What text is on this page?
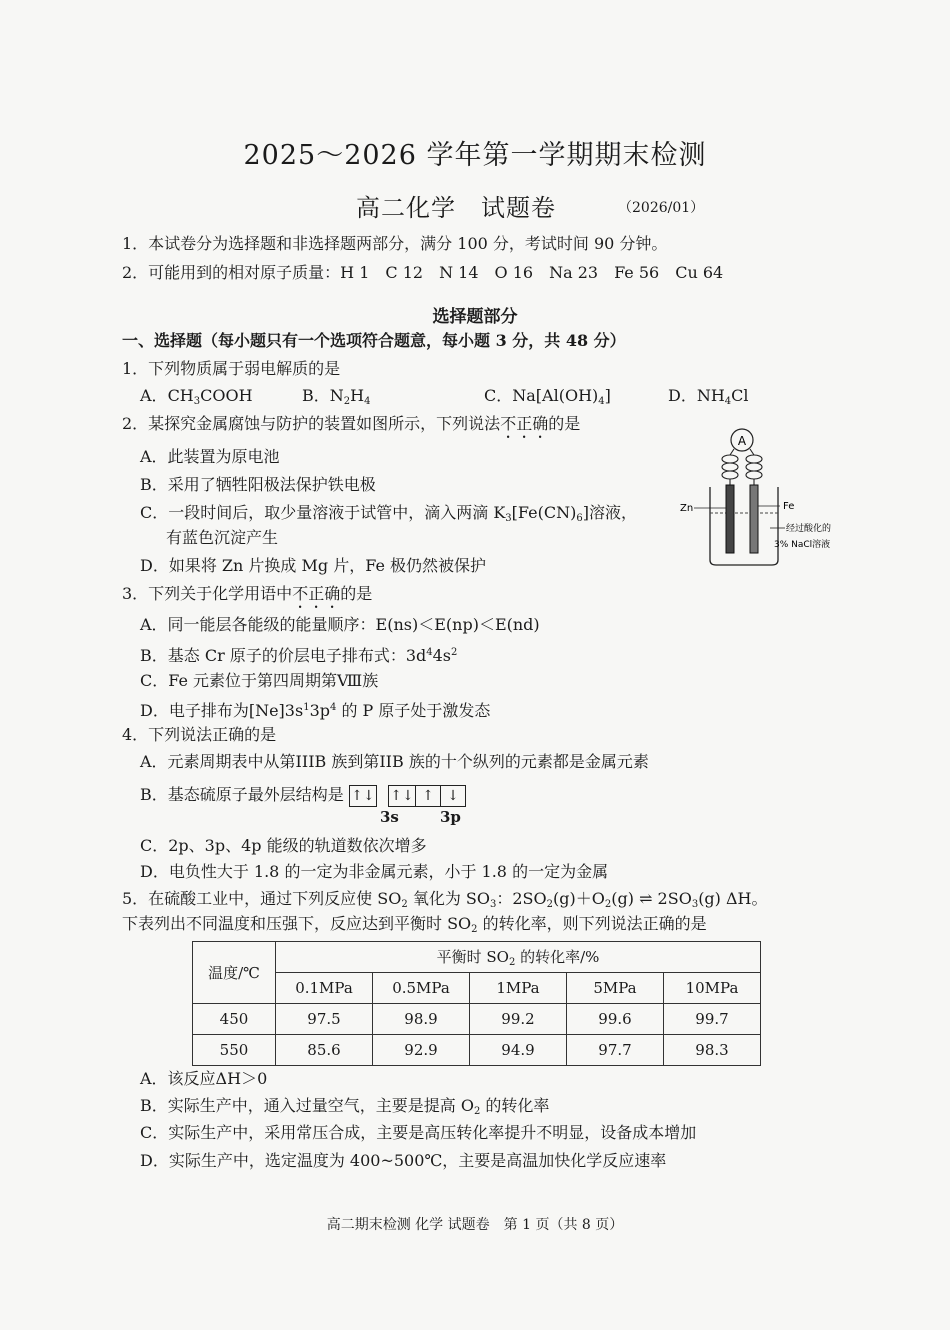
2025～2026 学年第一学期期末检测
高二化学　试题卷	（2026/01）
1．本试卷分为选择题和非选择题两部分，满分 100 分，考试时间 90 分钟。
2．可能用到的相对原子质量：H 1　C 12　N 14　O 16　Na 23　Fe 56　Cu 64
选择题部分
一、选择题（每小题只有一个选项符合题意，每小题 3 分，共 48 分）
1．下列物质属于弱电解质的是
A．$CH_3COOH$	B．$N_2H_4$	C．$Na[Al(OH)_4]$	D．$NH_4Cl$
2．某探究金属腐蚀与防护的装置如图所示，下列说法不正确的是
A．此装置为原电池
B．采用了牺牲阳极法保护铁电极
C．一段时间后，取少量溶液于试管中，滴入两滴 $K_3[Fe(CN)_6]$溶液，
有蓝色沉淀产生
D．如果将 Zn 片换成 Mg 片，Fe 极仍然被保护
A
Zn	Fe
经过酸化的
3% NaCl溶液
3．下列关于化学用语中不正确的是
A．同一能层各能级的能量顺序：E(ns)＜E(np)＜E(nd)
B．基态 Cr 原子的价层电子排布式：$3d^44s^2$
C．Fe 元素位于第四周期第Ⅷ族
D．电子排布为$[Ne]3s^13p^4$ 的 P 原子处于激发态
4．下列说法正确的是
A．元素周期表中从第IIIB 族到第IIB 族的十个纵列的元素都是金属元素
B．基态硫原子最外层结构是 ↑↓ ↑↓ ↑ ↓
3s	3p
C．2p、3p、4p 能级的轨道数依次增多
D．电负性大于 1.8 的一定为非金属元素，小于 1.8 的一定为金属
5．在硫酸工业中，通过下列反应使 $SO_2$ 氧化为 $SO_3$：$2SO_2(g)+O_2(g)$ ⇌ $2SO_3(g)$ ΔH。
下表列出不同温度和压强下，反应达到平衡时 $SO_2$ 的转化率，则下列说法正确的是
温度/℃	平衡时 $SO_2$ 的转化率/%				
	0.1MPa	0.5MPa	1MPa	5MPa	10MPa
450	97.5	98.9	99.2	99.6	99.7
550	85.6	92.9	94.9	97.7	98.3
A．该反应ΔH＞0
B．实际生产中，通入过量空气，主要是提高 $O_2$ 的转化率
C．实际生产中，采用常压合成，主要是高压转化率提升不明显，设备成本增加
D．实际生产中，选定温度为 400~500℃，主要是高温加快化学反应速率
高二期末检测 化学 试题卷　第 1 页（共 8 页）
